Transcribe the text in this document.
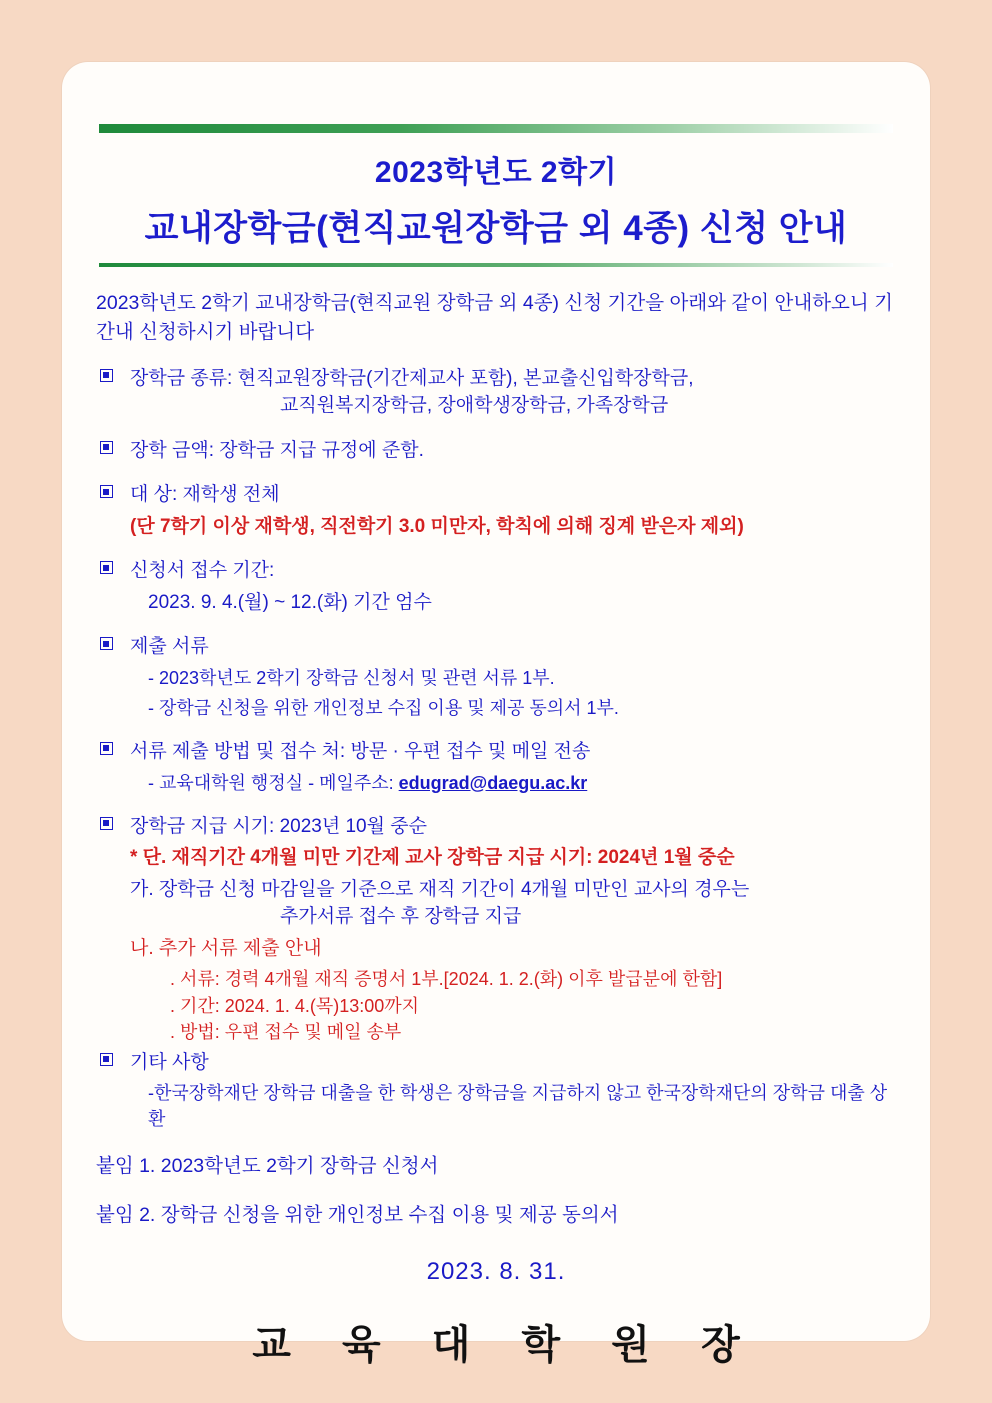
2023학년도 2학기
교내장학금(현직교원장학금 외 4종) 신청 안내
2023학년도 2학기 교내장학금(현직교원 장학금 외 4종) 신청 기간을 아래와 같이 안내하오니 기간내 신청하시기 바랍니다
장학금 종류: 현직교원장학금(기간제교사 포함), 본교출신입학장학금,
교직원복지장학금, 장애학생장학금, 가족장학금
장학 금액: 장학금 지급 규정에 준함.
대 상: 재학생 전체
(단 7학기 이상 재학생, 직전학기 3.0 미만자, 학칙에 의해 징계 받은자 제외)
신청서 접수 기간:
2023. 9. 4.(월) ~ 12.(화) 기간 엄수
제출 서류
- 2023학년도 2학기 장학금 신청서 및 관련 서류 1부.
- 장학금 신청을 위한 개인정보 수집 이용 및 제공 동의서 1부.
서류 제출 방법 및 접수 처: 방문 · 우편 접수 및 메일 전송
- 교육대학원 행정실 - 메일주소: edugrad@daegu.ac.kr
장학금 지급 시기: 2023년 10월 중순
* 단. 재직기간 4개월 미만 기간제 교사 장학금 지급 시기: 2024년 1월 중순
가. 장학금 신청 마감일을 기준으로 재직 기간이 4개월 미만인 교사의 경우는
추가서류 접수 후 장학금 지급
나. 추가 서류 제출 안내
. 서류: 경력 4개월 재직 증명서 1부.[2024. 1. 2.(화) 이후 발급분에 한함]
. 기간: 2024. 1. 4.(목)13:00까지
. 방법: 우편 접수 및 메일 송부
기타 사항
-한국장학재단 장학금 대출을 한 학생은 장학금을 지급하지 않고 한국장학재단의 장학금 대출 상환
붙임 1. 2023학년도 2학기 장학금 신청서
붙임 2. 장학금 신청을 위한 개인정보 수집 이용 및 제공 동의서
2023. 8. 31.
교 육 대 학 원 장
